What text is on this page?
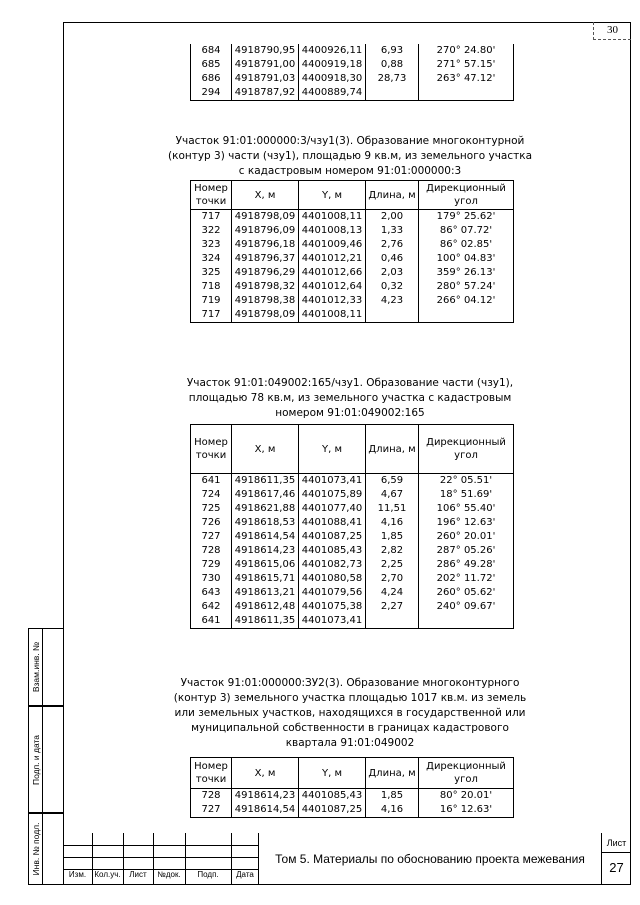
30
684	4918790,95	4400926,11	6,93	270° 24.80'
685	4918791,00	4400919,18	0,88	271° 57.15'
686	4918791,03	4400918,30	28,73	263° 47.12'
294	4918787,92	4400889,74		
Участок 91:01:000000:3/чзу1(3). Образование многоконтурной
(контур 3) части (чзу1), площадью 9 кв.м, из земельного участка
с кадастровым номером 91:01:000000:3
Номер точки	X, м	Y, м	Длина, м	Дирекционный угол
717	4918798,09	4401008,11	2,00	179° 25.62'
322	4918796,09	4401008,13	1,33	86° 07.72'
323	4918796,18	4401009,46	2,76	86° 02.85'
324	4918796,37	4401012,21	0,46	100° 04.83'
325	4918796,29	4401012,66	2,03	359° 26.13'
718	4918798,32	4401012,64	0,32	280° 57.24'
719	4918798,38	4401012,33	4,23	266° 04.12'
717	4918798,09	4401008,11		
Участок 91:01:049002:165/чзу1. Образование части (чзу1),
площадью 78 кв.м, из земельного участка с кадастровым
номером 91:01:049002:165
Номер точки	X, м	Y, м	Длина, м	Дирекционный угол
641	4918611,35	4401073,41	6,59	22° 05.51'
724	4918617,46	4401075,89	4,67	18° 51.69'
725	4918621,88	4401077,40	11,51	106° 55.40'
726	4918618,53	4401088,41	4,16	196° 12.63'
727	4918614,54	4401087,25	1,85	260° 20.01'
728	4918614,23	4401085,43	2,82	287° 05.26'
729	4918615,06	4401082,73	2,25	286° 49.28'
730	4918615,71	4401080,58	2,70	202° 11.72'
643	4918613,21	4401079,56	4,24	260° 05.62'
642	4918612,48	4401075,38	2,27	240° 09.67'
641	4918611,35	4401073,41		
Участок 91:01:000000:ЗУ2(3). Образование многоконтурного
(контур 3) земельного участка площадью 1017 кв.м. из земель
или земельных участков, находящихся в государственной или
муниципальной собственности в границах кадастрового
квартала 91:01:049002
Номер точки	X, м	Y, м	Длина, м	Дирекционный угол
728	4918614,23	4401085,43	1,85	80° 20.01'
727	4918614,54	4401087,25	4,16	16° 12.63'
Взам.инв. №
Подп. и дата
Инв. № подл.	Изм.	Кол.уч.	Лист	№док.	Подп.	Дата
Том 5. Материалы по обоснованию проекта межевания
Лист
27
